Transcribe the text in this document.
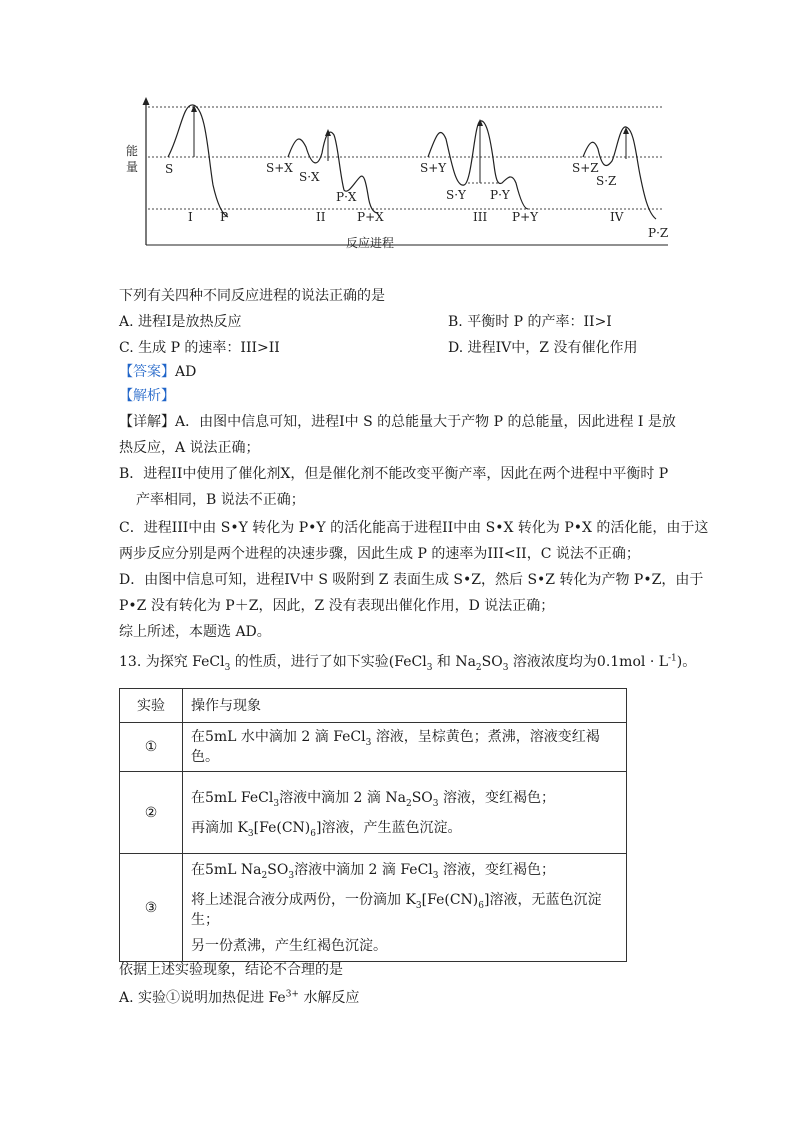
能
量 S
I P
S+X
S·X
P·X
P+X
II
S+Y
S·Y P·Y
P+Y
III
S+Z
S·Z
P·Z
IV
反应进程
下列有关四种不同反应进程的说法正确的是
A. 进程I是放热反应	B. 平衡时 P 的产率：II>I
C. 生成 P 的速率：III>II	D. 进程IV中，Z 没有催化作用
【答案】AD
【解析】
【详解】A．由图中信息可知，进程I中 S 的总能量大于产物 P 的总能量，因此进程 I 是放
热反应，A 说法正确；
B．进程II中使用了催化剂X，但是催化剂不能改变平衡产率，因此在两个进程中平衡时 P
产率相同，B 说法不正确；
C．进程III中由 S•Y 转化为 P•Y 的活化能高于进程II中由 S•X 转化为 P•X 的活化能，由于这
两步反应分别是两个进程的决速步骤，因此生成 P 的速率为III<II，C 说法不正确；
D．由图中信息可知，进程IV中 S 吸附到 Z 表面生成 S•Z，然后 S•Z 转化为产物 P•Z，由于
P•Z 没有转化为 P＋Z，因此，Z 没有表现出催化作用，D 说法正确；
综上所述，本题选 AD。
13. 为探究 FeCl$_3$ 的性质，进行了如下实验(FeCl$_3$ 和 $Na_2SO_3$ 溶液浓度均为$0.1mol \cdot L^{-1}$)。
实验	操作与现象
①	在5mL 水中滴加 2 滴 FeCl$_3$ 溶液，呈棕黄色；煮沸，溶液变红褐色。
②	在5mL FeCl$_3$溶液中滴加 2 滴 $Na_2SO_3$ 溶液，变红褐色；
再滴加 $K_3[Fe(CN)_6]$溶液，产生蓝色沉淀。

③	在5mL $Na_2SO_3$溶液中滴加 2 滴 FeCl$_3$ 溶液，变红褐色；
将上述混合液分成两份，一份滴加 $K_3[Fe(CN)_6]$溶液，无蓝色沉淀生；
另一份煮沸，产生红褐色沉淀。
依据上述实验现象，结论不合理的是
A. 实验①说明加热促进 $Fe^{3+}$ 水解反应
